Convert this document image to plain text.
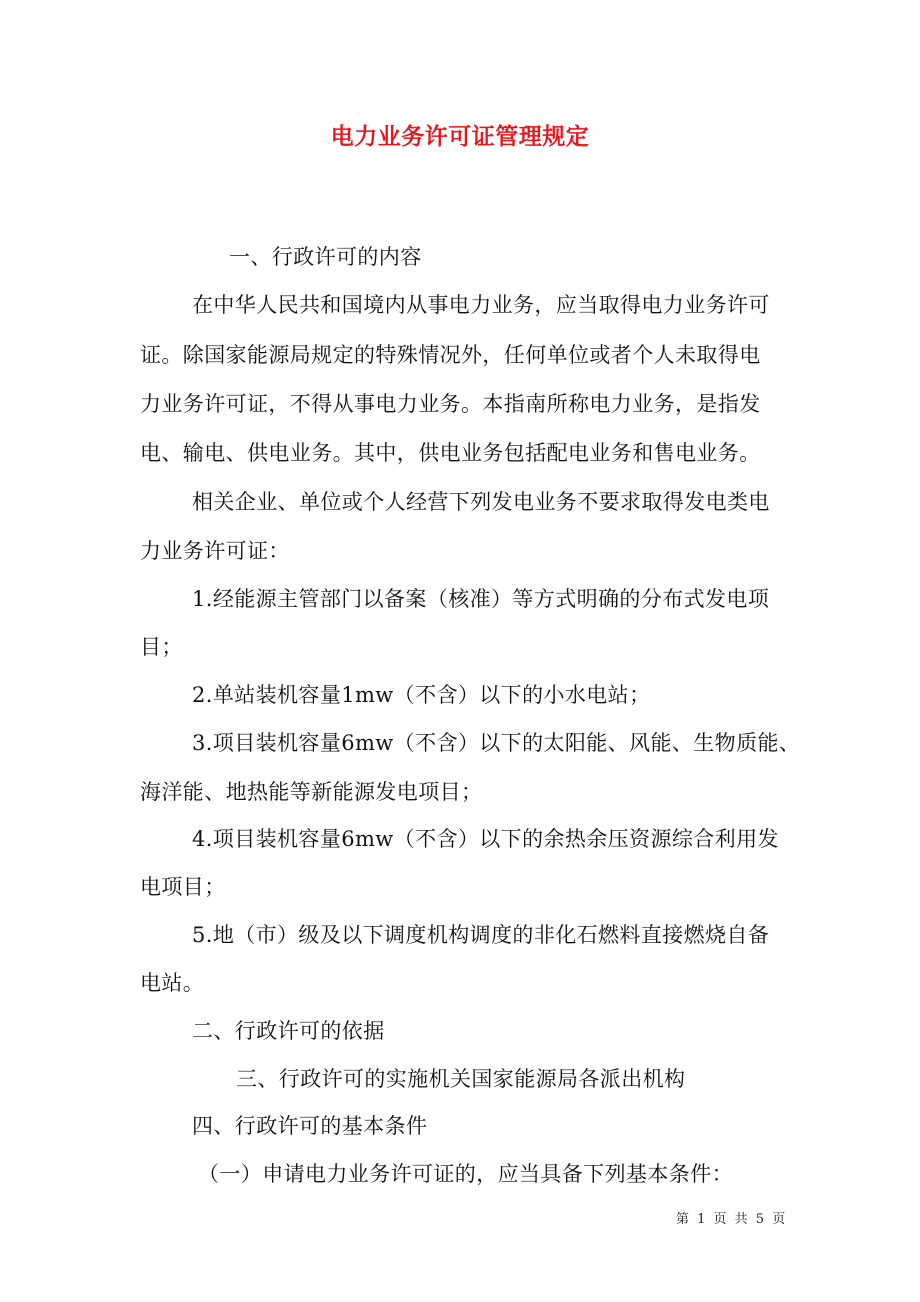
电力业务许可证管理规定
一、行政许可的内容
在中华人民共和国境内从事电力业务，应当取得电力业务许可
证。除国家能源局规定的特殊情况外，任何单位或者个人未取得电
力业务许可证，不得从事电力业务。本指南所称电力业务，是指发
电、输电、供电业务。其中，供电业务包括配电业务和售电业务。
相关企业、单位或个人经营下列发电业务不要求取得发电类电
力业务许可证：
1.经能源主管部门以备案（核准）等方式明确的分布式发电项
目；
2.单站装机容量1mw（不含）以下的小水电站；
3.项目装机容量6mw（不含）以下的太阳能、风能、生物质能、
海洋能、地热能等新能源发电项目；
4.项目装机容量6mw（不含）以下的余热余压资源综合利用发
电项目；
5.地（市）级及以下调度机构调度的非化石燃料直接燃烧自备
电站。
二、行政许可的依据
三、行政许可的实施机关国家能源局各派出机构
四、行政许可的基本条件
（一）申请电力业务许可证的，应当具备下列基本条件：
第 1 页 共 5 页
